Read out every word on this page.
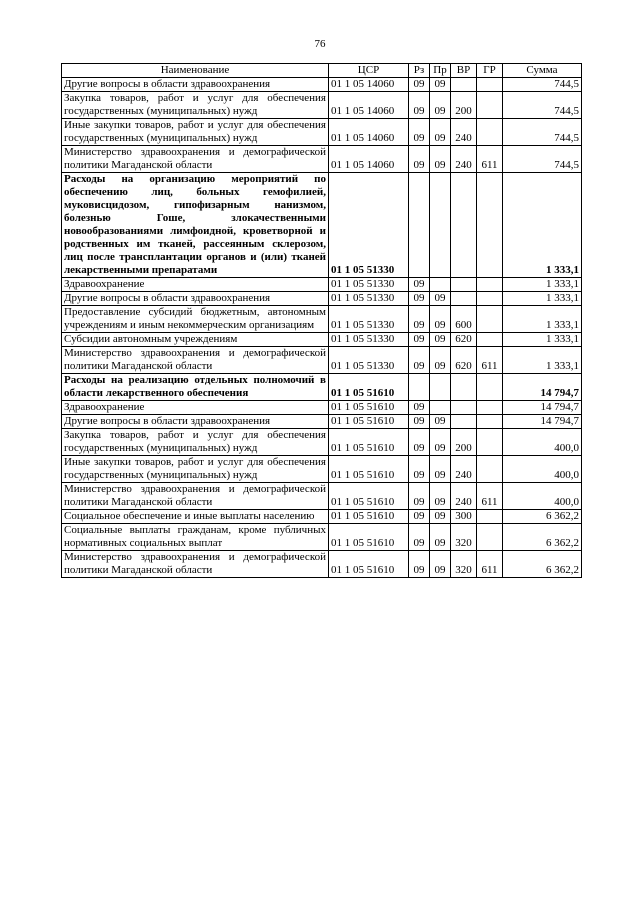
76
Наименование	ЦСР	Рз	Пр	ВР	ГР	Сумма
Другие вопросы в области здравоохранения	01 1 05 14060	09	09			744,5
Закупка товаров, работ и услуг для обеспечения государственных (муниципальных) нужд	01 1 05 14060	09	09	200		744,5
Иные закупки товаров, работ и услуг для обеспечения государственных (муниципальных) нужд	01 1 05 14060	09	09	240		744,5
Министерство здравоохранения и демографической политики Магаданской области	01 1 05 14060	09	09	240	611	744,5
Расходы на организацию мероприятий по обеспечению лиц, больных гемофилией, муковисцидозом, гипофизарным нанизмом, болезнью Гоше, злокачественными новообразованиями лимфоидной, кроветворной и родственных им тканей, рассеянным склерозом, лиц после трансплантации органов и (или) тканей лекарственными препаратами	01 1 05 51330					1 333,1
Здравоохранение	01 1 05 51330	09				1 333,1
Другие вопросы в области здравоохранения	01 1 05 51330	09	09			1 333,1
Предоставление субсидий бюджетным, автономным учреждениям и иным некоммерческим организациям	01 1 05 51330	09	09	600		1 333,1
Субсидии автономным учреждениям	01 1 05 51330	09	09	620		1 333,1
Министерство здравоохранения и демографической политики Магаданской области	01 1 05 51330	09	09	620	611	1 333,1
Расходы на реализацию отдельных полномочий в области лекарственного обеспечения	01 1 05 51610					14 794,7
Здравоохранение	01 1 05 51610	09				14 794,7
Другие вопросы в области здравоохранения	01 1 05 51610	09	09			14 794,7
Закупка товаров, работ и услуг для обеспечения государственных (муниципальных) нужд	01 1 05 51610	09	09	200		400,0
Иные закупки товаров, работ и услуг для обеспечения государственных (муниципальных) нужд	01 1 05 51610	09	09	240		400,0
Министерство здравоохранения и демографической политики Магаданской области	01 1 05 51610	09	09	240	611	400,0
Социальное обеспечение и иные выплаты населению	01 1 05 51610	09	09	300		6 362,2
Социальные выплаты гражданам, кроме публичных нормативных социальных выплат	01 1 05 51610	09	09	320		6 362,2
Министерство здравоохранения и демографической политики Магаданской области	01 1 05 51610	09	09	320	611	6 362,2
